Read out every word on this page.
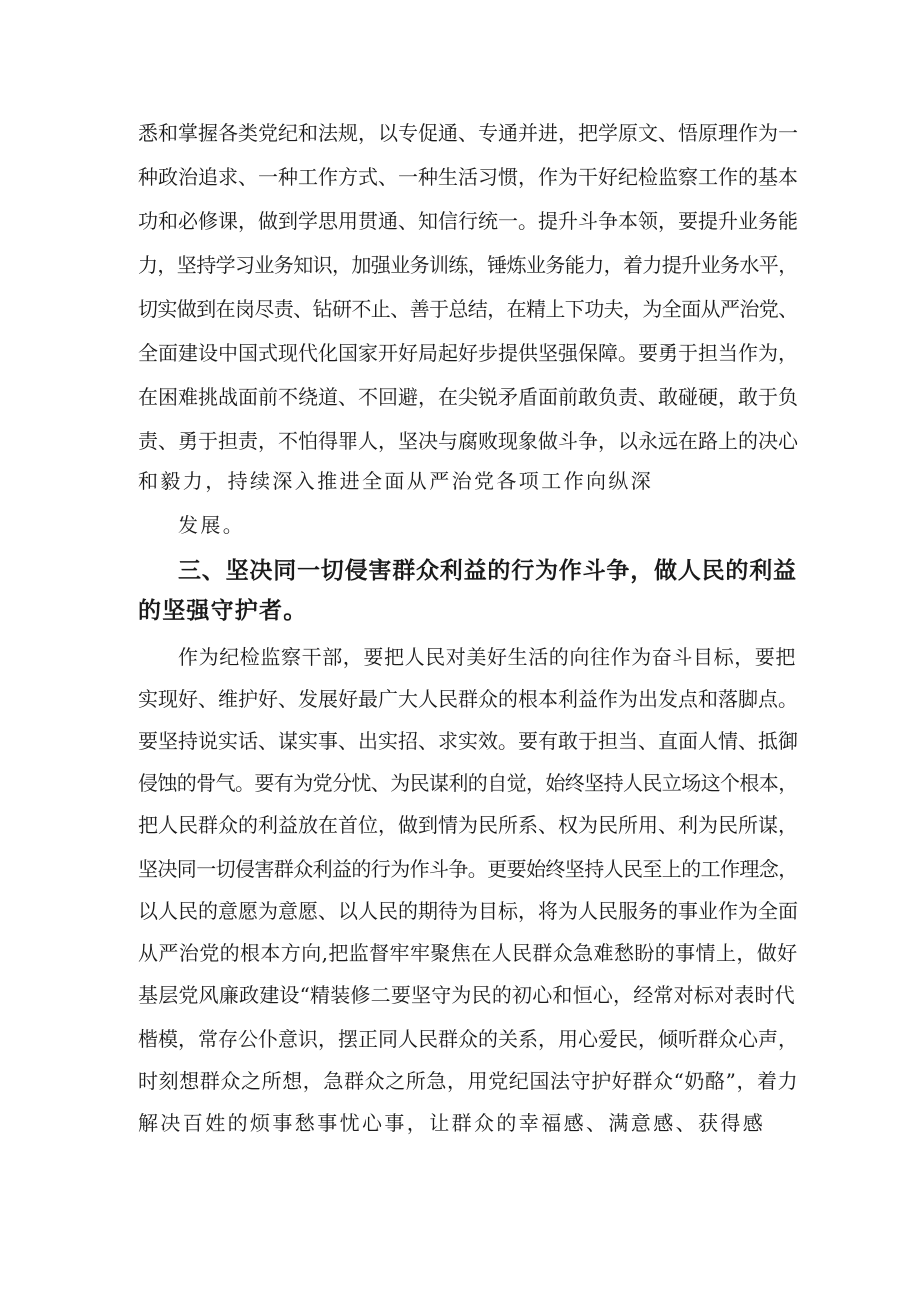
悉和掌握各类党纪和法规，以专促通、专通并进，把学原文、悟原理作为一
种政治追求、一种工作方式、一种生活习惯，作为干好纪检监察工作的基本
功和必修课，做到学思用贯通、知信行统一。提升斗争本领，要提升业务能
力，坚持学习业务知识，加强业务训练，锤炼业务能力，着力提升业务水平，
切实做到在岗尽责、钻研不止、善于总结，在精上下功夫，为全面从严治党、
全面建设中国式现代化国家开好局起好步提供坚强保障。要勇于担当作为，
在困难挑战面前不绕道、不回避，在尖锐矛盾面前敢负责、敢碰硬，敢于负
责、勇于担责，不怕得罪人，坚决与腐败现象做斗争，以永远在路上的决心
和毅力，持续深入推进全面从严治党各项工作向纵深
发展。
三、坚决同一切侵害群众利益的行为作斗争，做人民的利益
的坚强守护者。
作为纪检监察干部，要把人民对美好生活的向往作为奋斗目标，要把
实现好、维护好、发展好最广大人民群众的根本利益作为出发点和落脚点。
要坚持说实话、谋实事、出实招、求实效。要有敢于担当、直面人情、抵御
侵蚀的骨气。要有为党分忧、为民谋利的自觉，始终坚持人民立场这个根本，
把人民群众的利益放在首位，做到情为民所系、权为民所用、利为民所谋，
坚决同一切侵害群众利益的行为作斗争。更要始终坚持人民至上的工作理念，
以人民的意愿为意愿、以人民的期待为目标，将为人民服务的事业作为全面
从严治党的根本方向,把监督牢牢聚焦在人民群众急难愁盼的事情上，做好
基层党风廉政建设“精装修二要坚守为民的初心和恒心，经常对标对表时代
楷模，常存公仆意识，摆正同人民群众的关系，用心爱民，倾听群众心声，
时刻想群众之所想，急群众之所急，用党纪国法守护好群众“奶酪”，着力
解决百姓的烦事愁事忧心事，让群众的幸福感、满意感、获得感
